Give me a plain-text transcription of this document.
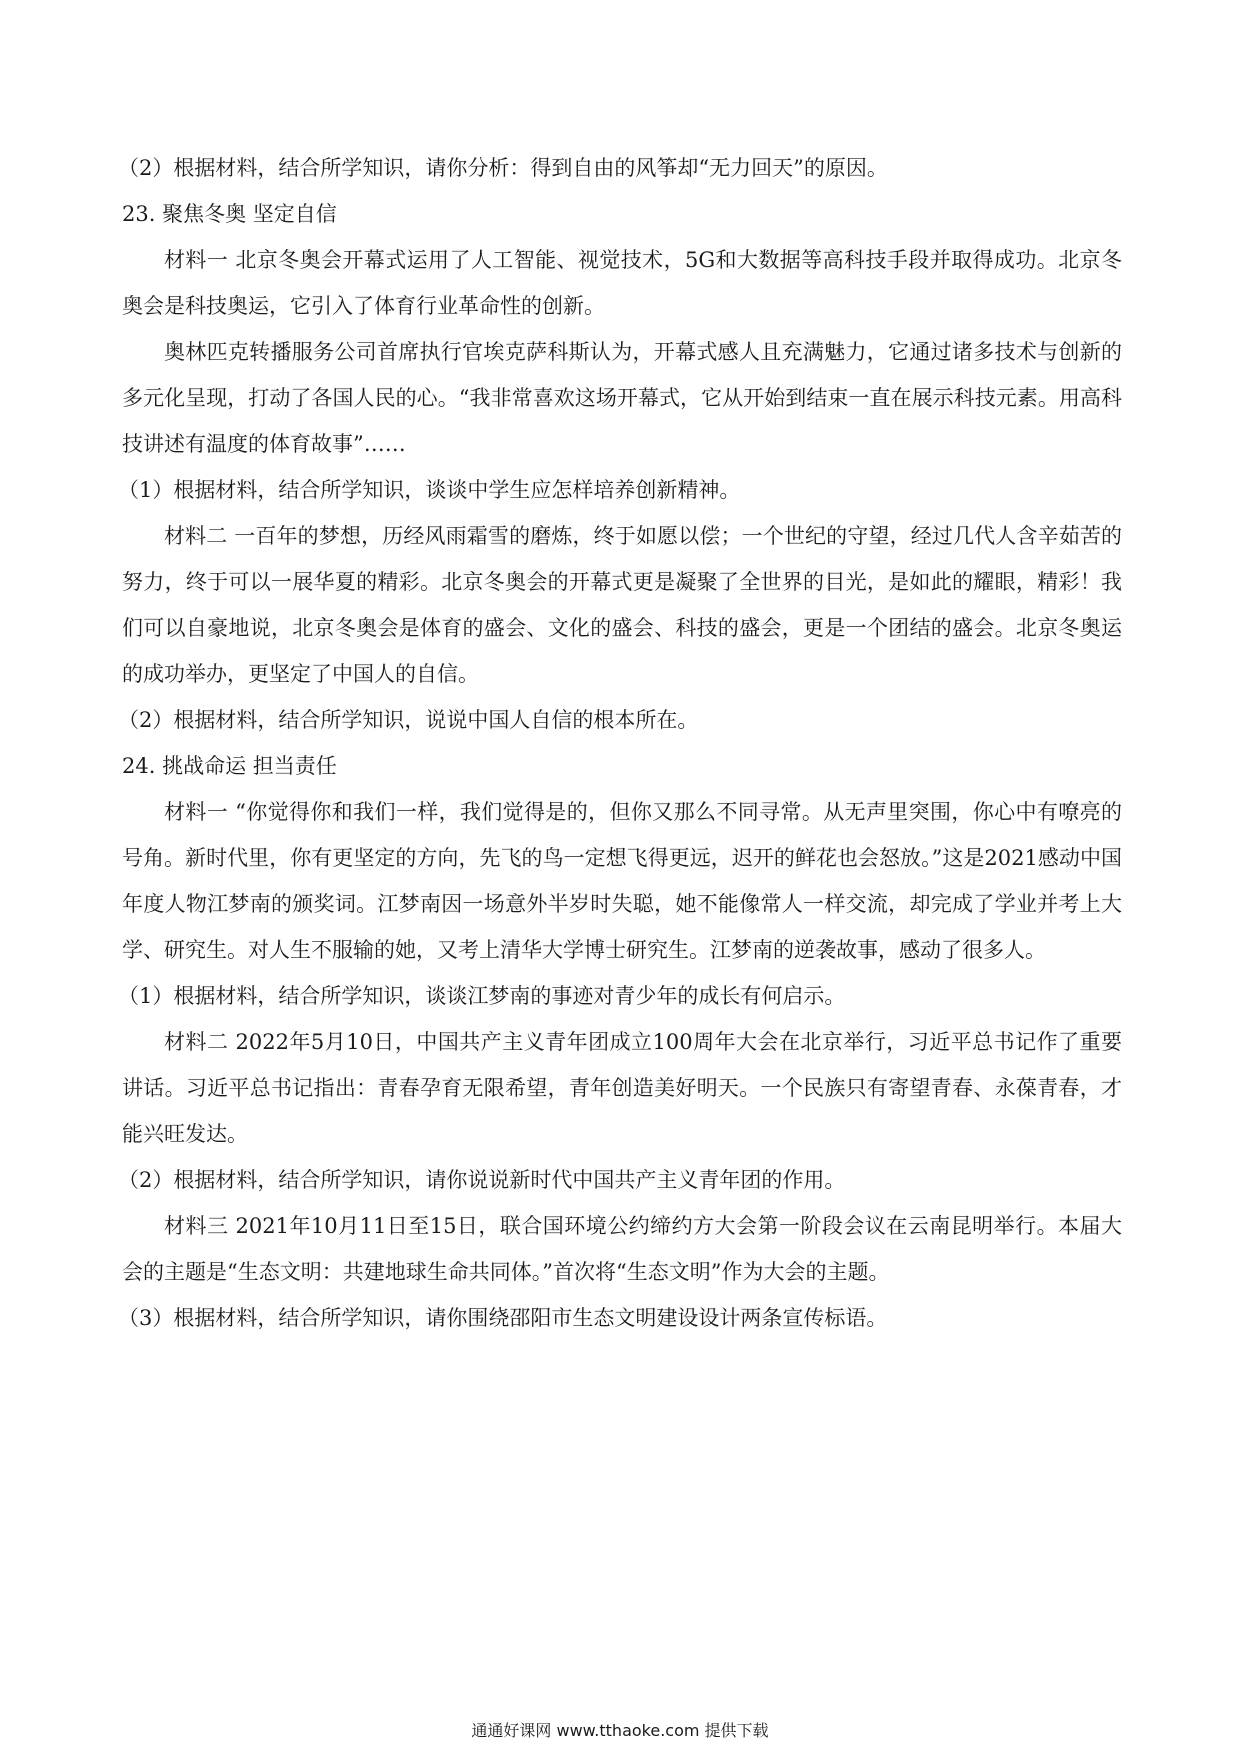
（2）根据材料，结合所学知识，请你分析：得到自由的风筝却“无力回天”的原因。
23. 聚焦冬奥 坚定自信
材料一 北京冬奥会开幕式运用了人工智能、视觉技术，5G和大数据等高科技手段并取得成功。北京冬奥会是科技奥运，它引入了体育行业革命性的创新。
奥林匹克转播服务公司首席执行官埃克萨科斯认为，开幕式感人且充满魅力，它通过诸多技术与创新的多元化呈现，打动了各国人民的心。“我非常喜欢这场开幕式，它从开始到结束一直在展示科技元素。用高科技讲述有温度的体育故事”……
（1）根据材料，结合所学知识，谈谈中学生应怎样培养创新精神。
材料二 一百年的梦想，历经风雨霜雪的磨炼，终于如愿以偿；一个世纪的守望，经过几代人含辛茹苦的努力，终于可以一展华夏的精彩。北京冬奥会的开幕式更是凝聚了全世界的目光，是如此的耀眼，精彩！我们可以自豪地说，北京冬奥会是体育的盛会、文化的盛会、科技的盛会，更是一个团结的盛会。北京冬奥运的成功举办，更坚定了中国人的自信。
（2）根据材料，结合所学知识，说说中国人自信的根本所在。
24. 挑战命运 担当责任
材料一 “你觉得你和我们一样，我们觉得是的，但你又那么不同寻常。从无声里突围，你心中有嘹亮的号角。新时代里，你有更坚定的方向，先飞的鸟一定想飞得更远，迟开的鲜花也会怒放。”这是2021感动中国年度人物江梦南的颁奖词。江梦南因一场意外半岁时失聪，她不能像常人一样交流，却完成了学业并考上大学、研究生。对人生不服输的她，又考上清华大学博士研究生。江梦南的逆袭故事，感动了很多人。
（1）根据材料，结合所学知识，谈谈江梦南的事迹对青少年的成长有何启示。
材料二 2022年5月10日，中国共产主义青年团成立100周年大会在北京举行，习近平总书记作了重要讲话。习近平总书记指出：青春孕育无限希望，青年创造美好明天。一个民族只有寄望青春、永葆青春，才能兴旺发达。
（2）根据材料，结合所学知识，请你说说新时代中国共产主义青年团的作用。
材料三 2021年10月11日至15日，联合国环境公约缔约方大会第一阶段会议在云南昆明举行。本届大会的主题是“生态文明：共建地球生命共同体。”首次将“生态文明”作为大会的主题。
（3）根据材料，结合所学知识，请你围绕邵阳市生态文明建设设计两条宣传标语。
通通好课网 www.tthaoke.com 提供下载
